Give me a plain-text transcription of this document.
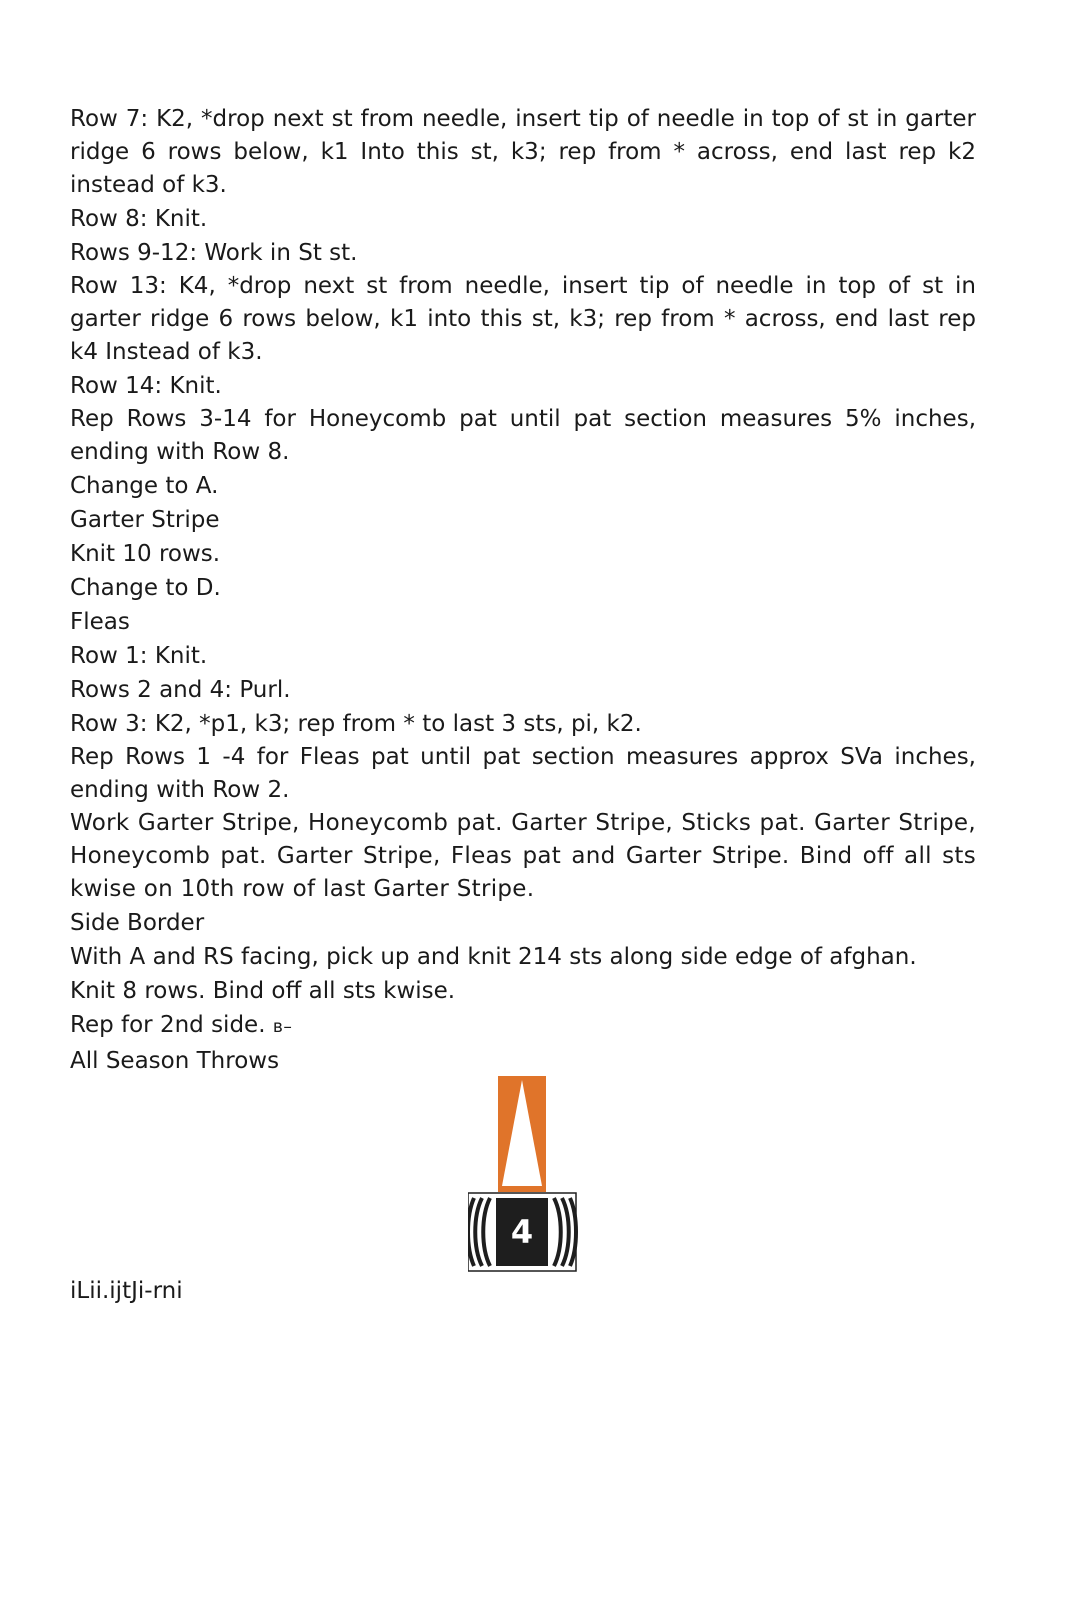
Row 7: K2, *drop next st from needle, insert tip of needle in top of st in garter ridge 6 rows below, k1 Into this st, k3; rep from * across, end last rep k2 instead of k3.

Row 8: Knit.

Rows 9-12: Work in St st.

Row 13: K4, *drop next st from needle, insert tip of needle in top of st in garter ridge 6 rows below, k1 into this st, k3; rep from * across, end last rep k4 Instead of k3.

Row 14: Knit.

Rep Rows 3-14 for Honeycomb pat until pat section measures 5% inches, ending with Row 8.

Change to A.

Garter Stripe

Knit 10 rows.

Change to D.

Fleas

Row 1: Knit.

Rows 2 and 4: Purl.

Row 3: K2, *p1, k3; rep from * to last 3 sts, pi, k2.

Rep Rows 1 -4 for Fleas pat until pat section measures approx SVa inches, ending with Row 2.

Work Garter Stripe, Honeycomb pat. Garter Stripe, Sticks pat. Garter Stripe, Honeycomb pat. Garter Stripe, Fleas pat and Garter Stripe. Bind off all sts kwise on 10th row of last Garter Stripe.

Side Border

With A and RS facing, pick up and knit 214 sts along side edge of afghan.

Knit 8 rows. Bind off all sts kwise.

Rep for 2nd side. в–

All Season Throws

4

iLii.ijtJi-rni
